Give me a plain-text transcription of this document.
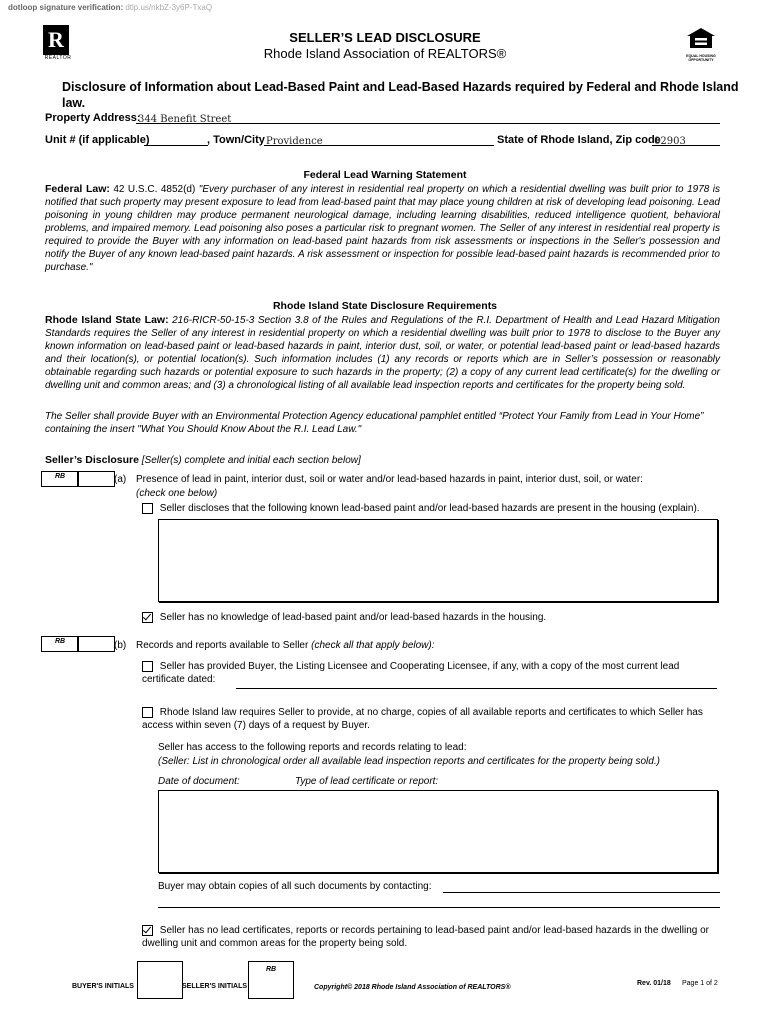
dotloop signature verification: dtlp.us/nkbZ-3y6P-TxaQ
R
REALTOR	EQUAL HOUSING OPPORTUNITY
SELLER’S LEAD DISCLOSURE
Rhode Island Association of REALTORS®
Disclosure of Information about Lead-Based Paint and Lead-Based Hazards required by Federal and Rhode Island law.
Property Address:
344 Benefit Street
Unit # (if applicable)	, Town/City Providence	State of Rhode Island, Zip code
02903
Federal Lead Warning Statement
Federal Law: 42 U.S.C. 4852(d) "Every purchaser of any interest in residential real property on which a residential dwelling was built prior to 1978 is notified that such property may present exposure to lead from lead-based paint that may place young children at risk of developing lead poisoning. Lead poisoning in young children may produce permanent neurological damage, including learning disabilities, reduced intelligence quotient, behavioral problems, and impaired memory. Lead poisoning also poses a particular risk to pregnant women. The Seller of any interest in residential real property is required to provide the Buyer with any information on lead-based paint hazards from risk assessments or inspections in the Seller's possession and notify the Buyer of any known lead-based paint hazards. A risk assessment or inspection for possible lead-based paint hazards is recommended prior to purchase."
Rhode Island State Disclosure Requirements
Rhode Island State Law: 216-RICR-50-15-3 Section 3.8 of the Rules and Regulations of the R.I. Department of Health and Lead Hazard Mitigation Standards requires the Seller of any interest in residential property on which a residential dwelling was built prior to 1978 to disclose to the Buyer any known information on lead-based paint or lead-based hazards in paint, interior dust, soil, or water, or potential lead-based paint or lead-based hazards and their location(s), or potential location(s). Such information includes (1) any records or reports which are in Seller’s possession or reasonably obtainable regarding such hazards or potential exposure to such hazards in the property; (2) a copy of any current lead certificate(s) for the dwelling or dwelling unit and common areas; and (3) a chronological listing of all available lead inspection reports and certificates for the property being sold.
The Seller shall provide Buyer with an Environmental Protection Agency educational pamphlet entitled “Protect Your Family from Lead in Your Home” containing the insert "What You Should Know About the R.I. Lead Law."
Seller’s Disclosure [Seller(s) complete and initial each section below]
RB	(a) Presence of lead in paint, interior dust, soil or water and/or lead-based hazards in paint, interior dust, soil, or water:
(check one below)
Seller discloses that the following known lead-based paint and/or lead-based hazards are present in the housing (explain).
Seller has no knowledge of lead-based paint and/or lead-based hazards in the housing.
RB	(b) Records and reports available to Seller (check all that apply below):
Seller has provided Buyer, the Listing Licensee and Cooperating Licensee, if any, with a copy of the most current lead certificate dated:
Rhode Island law requires Seller to provide, at no charge, copies of all available reports and certificates to which Seller has access within seven (7) days of a request by Buyer.
Seller has access to the following reports and records relating to lead:
(Seller: List in chronological order all available lead inspection reports and certificates for the property being sold.)
Date of document:	Type of lead certificate or report:
Buyer may obtain copies of all such documents by contacting:
Seller has no lead certificates, reports or records pertaining to lead-based paint and/or lead-based hazards in the dwelling or dwelling unit and common areas for the property being sold.
BUYER'S INITIALS	SELLER'S INITIALS
RB
Copyright© 2018 Rhode Island Association of REALTORS®
Rev. 01/18 Page 1 of 2
